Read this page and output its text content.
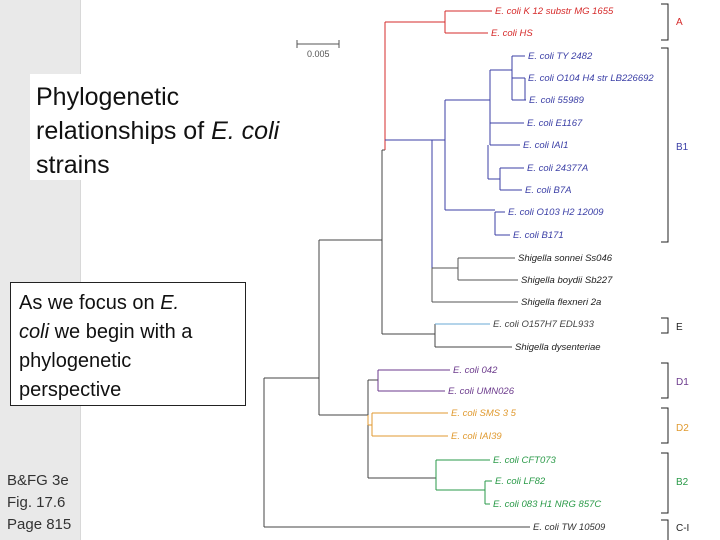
Phylogenetic
relationships of E. coli
strains
As we focus on E.
coli we begin with a
phylogenetic
perspective
B&FG 3e
Fig. 17.6
Page 815
0.005
E. coli K 12 substr MG 1655
E. coli HS
E. coli TY 2482
E. coli O104 H4 str LB226692
E. coli 55989
E. coli E1167
E. coli IAI1
E. coli 24377A
E. coli B7A
E. coli O103 H2 12009
E. coli B171
Shigella sonnei Ss046
Shigella boydii Sb227
Shigella flexneri 2a
E. coli O157H7 EDL933
Shigella dysenteriae
E. coli 042
E. coli UMN026
E. coli SMS 3 5
E. coli IAI39
E. coli CFT073
E. coli LF82
E. coli 083 H1 NRG 857C
E. coli TW 10509
A
B1
E
D1
D2
B2
C-I
